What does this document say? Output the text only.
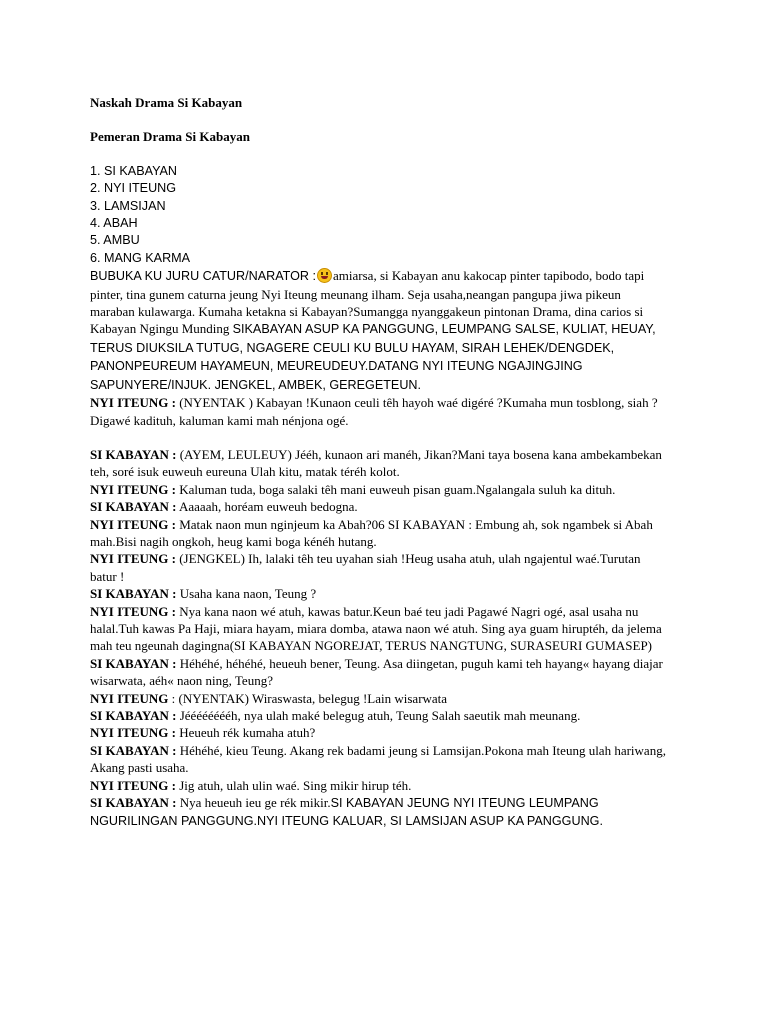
Naskah Drama Si Kabayan

Pemeran Drama Si Kabayan

1. SI KABAYAN
2. NYI ITEUNG
3. LAMSIJAN
4. ABAH
5. AMBU
6. MANG KARMA

BUBUKA KU JURU CATUR/NARATOR : amiarsa, si Kabayan anu kakocap pinter tapibodo, bodo tapi pinter, tina gunem caturna jeung Nyi Iteung meunang ilham. Seja usaha,neangan pangupa jiwa pikeun maraban kulawarga. Kumaha ketakna si Kabayan?Sumangga nyanggakeun pintonan Drama, dina carios si Kabayan Ngingu Munding SIKABAYAN ASUP KA PANGGUNG, LEUMPANG SALSE, KULIAT, HEUAY, TERUS DIUKSILA TUTUG, NGAGERE CEULI KU BULU HAYAM, SIRAH LEHEK/DENGDEK, PANONPEUREUM HAYAMEUN, MEUREUDEUY.DATANG NYI ITEUNG NGAJINGJING SAPUNYERE/INJUK. JENGKEL, AMBEK, GEREGETEUN.

NYI ITEUNG : (NYENTAK ) Kabayan !Kunaon ceuli têh hayoh waé digéré ?Kumaha mun tosblong, siah ?Digawé kadituh, kaluman kami mah nénjona ogé.

SI KABAYAN : (AYEM, LEULEUY) Jééh, kunaon ari manéh, Jikan?Mani taya bosena kana ambekambekan teh, soré isuk euweuh eureuna Ulah kitu, matak téréh kolot.

NYI ITEUNG : Kaluman tuda, boga salaki têh mani euweuh pisan guam.Ngalangala suluh ka dituh.

SI KABAYAN : Aaaaah, horéam euweuh bedogna.

NYI ITEUNG : Matak naon mun nginjeum ka Abah?06 SI KABAYAN : Embung ah, sok ngambek si Abah mah.Bisi nagih ongkoh, heug kami boga kénéh hutang.

NYI ITEUNG : (JENGKEL) Ih, lalaki têh teu uyahan siah !Heug usaha atuh, ulah ngajentul waé.Turutan batur !

SI KABAYAN : Usaha kana naon, Teung ?

NYI ITEUNG : Nya kana naon wé atuh, kawas batur.Keun baé teu jadi Pagawé Nagri ogé, asal usaha nu halal.Tuh kawas Pa Haji, miara hayam, miara domba, atawa naon wé atuh. Sing aya guam hiruptéh, da jelema mah teu ngeunah dagingna(SI KABAYAN NGOREJAT, TERUS NANGTUNG, SURASEURI GUMASEP)

SI KABAYAN : Héhéhé, héhéhé, heueuh bener, Teung. Asa diingetan, puguh kami teh hayang« hayang diajar wisarwata, aéh« naon ning, Teung?

NYI ITEUNG : (NYENTAK) Wiraswasta, belegug !Lain wisarwata

SI KABAYAN : Jééééééééh, nya ulah maké belegug atuh, Teung Salah saeutik mah meunang.

NYI ITEUNG : Heueuh rék kumaha atuh?

SI KABAYAN : Héhéhé, kieu Teung. Akang rek badami jeung si Lamsijan.Pokona mah Iteung ulah hariwang, Akang pasti usaha.

NYI ITEUNG : Jig atuh, ulah ulin waé. Sing mikir hirup téh.

SI KABAYAN : Nya heueuh ieu ge rék mikir.SI KABAYAN JEUNG NYI ITEUNG LEUMPANG NGURILINGAN PANGGUNG.NYI ITEUNG KALUAR, SI LAMSIJAN ASUP KA PANGGUNG.
